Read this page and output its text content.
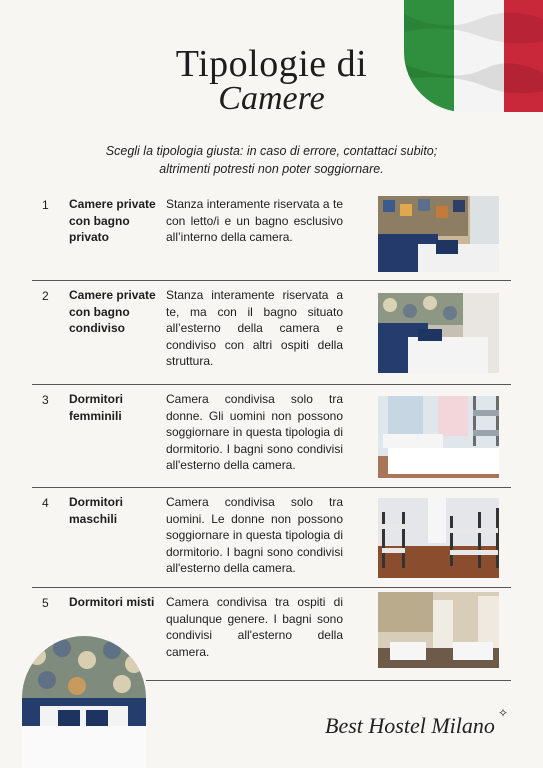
Tipologie di
Camere
Scegli la tipologia giusta: in caso di errore, contattaci subito;
altrimenti potresti non poter soggiornare.
1 Camere private con bagno privato
Stanza interamente riservata a te con letto/i e un bagno esclusivo all’interno della camera.
2 Camere private con bagno condiviso
Stanza interamente riservata a te, ma con il bagno situato all’esterno della camera e condiviso con altri ospiti della struttura.
3 Dormitori femminili
Camera condivisa solo tra donne. Gli uomini non possono soggiornare in questa tipologia di dormitorio. I bagni sono condivisi all'esterno della camera.
4 Dormitori maschili
Camera condivisa solo tra uomini. Le donne non possono soggiornare in questa tipologia di dormitorio. I bagni sono condivisi all'esterno della camera.
5 Dormitori misti Camera condivisa tra ospiti di qualunque genere. I bagni sono condivisi all'esterno della camera.
Best Hostel Milano ✧
